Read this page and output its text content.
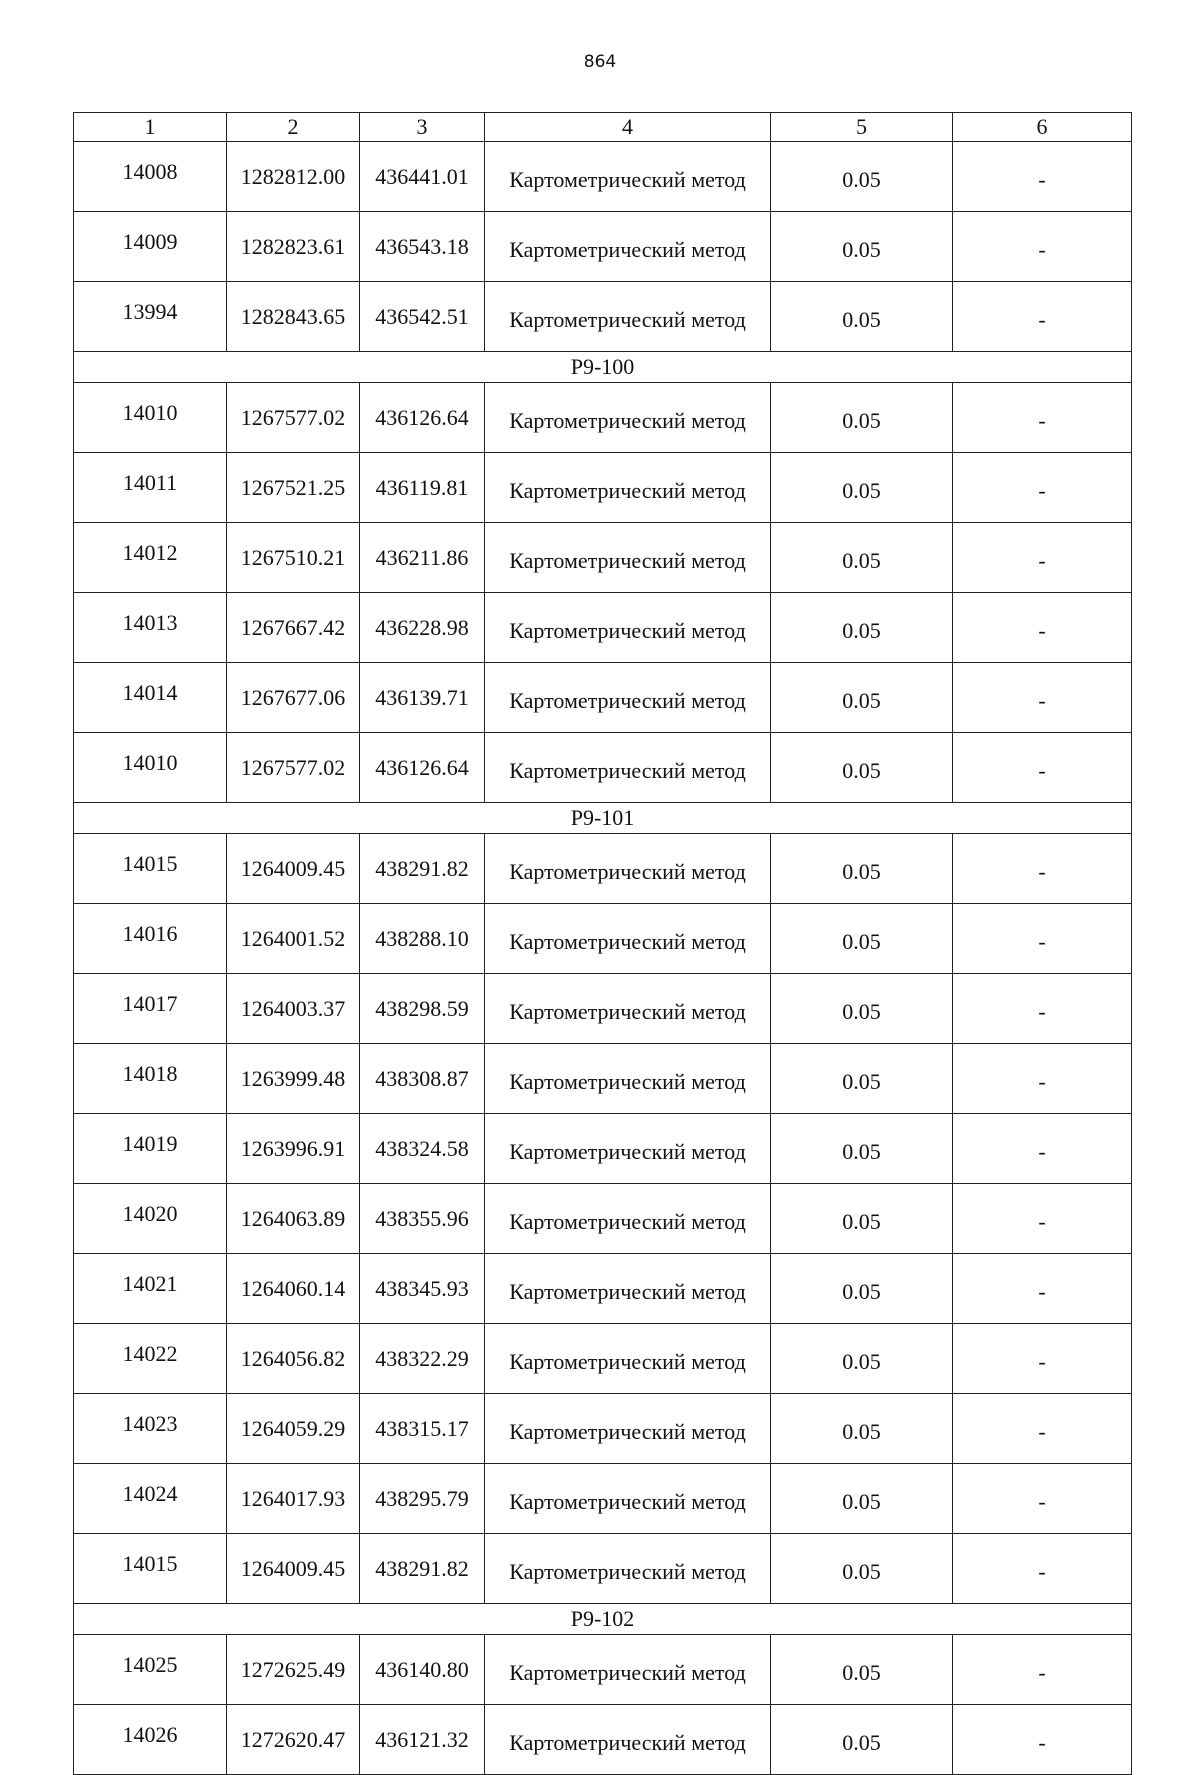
864
1	2	3	4	5	6
14008	1282812.00	436441.01	Картометрический метод	0.05	-
14009	1282823.61	436543.18	Картометрический метод	0.05	-
13994	1282843.65	436542.51	Картометрический метод	0.05	-
Р9-100					
14010	1267577.02	436126.64	Картометрический метод	0.05	-
14011	1267521.25	436119.81	Картометрический метод	0.05	-
14012	1267510.21	436211.86	Картометрический метод	0.05	-
14013	1267667.42	436228.98	Картометрический метод	0.05	-
14014	1267677.06	436139.71	Картометрический метод	0.05	-
14010	1267577.02	436126.64	Картометрический метод	0.05	-
Р9-101					
14015	1264009.45	438291.82	Картометрический метод	0.05	-
14016	1264001.52	438288.10	Картометрический метод	0.05	-
14017	1264003.37	438298.59	Картометрический метод	0.05	-
14018	1263999.48	438308.87	Картометрический метод	0.05	-
14019	1263996.91	438324.58	Картометрический метод	0.05	-
14020	1264063.89	438355.96	Картометрический метод	0.05	-
14021	1264060.14	438345.93	Картометрический метод	0.05	-
14022	1264056.82	438322.29	Картометрический метод	0.05	-
14023	1264059.29	438315.17	Картометрический метод	0.05	-
14024	1264017.93	438295.79	Картометрический метод	0.05	-
14015	1264009.45	438291.82	Картометрический метод	0.05	-
Р9-102					
14025	1272625.49	436140.80	Картометрический метод	0.05	-
14026	1272620.47	436121.32	Картометрический метод	0.05	-
